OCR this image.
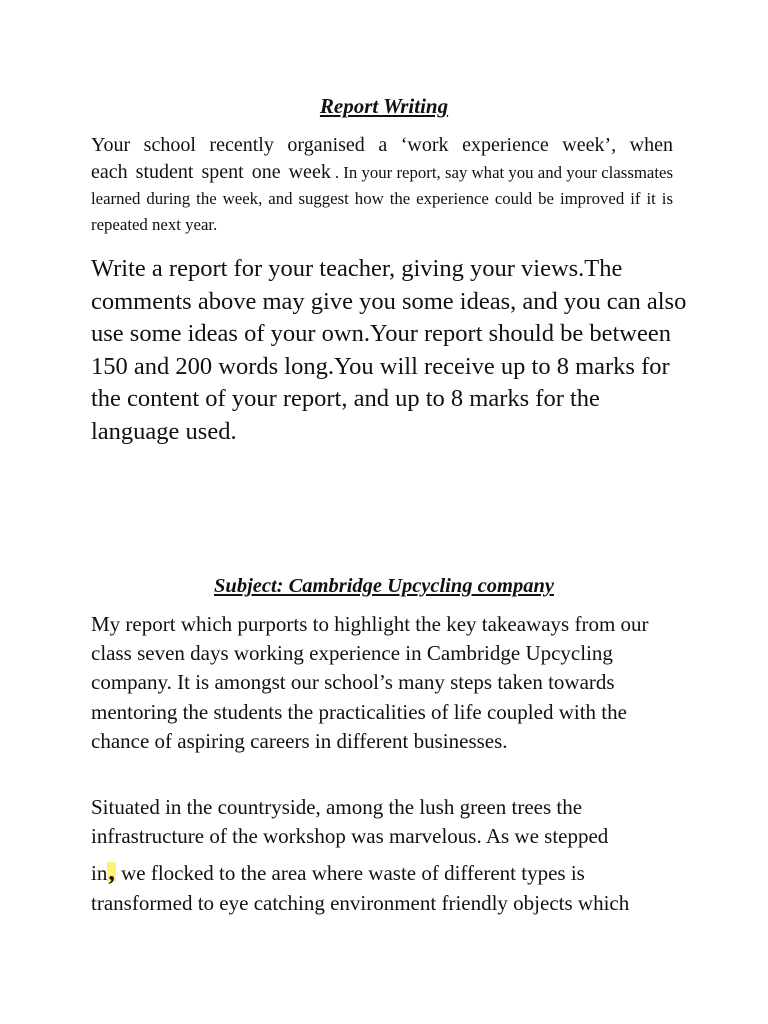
Report Writing
Your school recently organised a ‘work experience week’, when each student spent one week . In your report, say what you and your classmates learned during the week, and suggest how the experience could be improved if it is repeated next year.
Write a report for your teacher, giving your views.The comments above may give you some ideas, and you can also use some ideas of your own.Your report should be between 150 and 200 words long.You will receive up to 8 marks for the content of your report, and up to 8 marks for the language used.
Subject: Cambridge Upcycling company
My report which purports to highlight the key takeaways from our class seven days working experience in Cambridge Upcycling company. It is amongst our school’s many steps taken towards mentoring the students the practicalities of life coupled with the chance of aspiring careers in different businesses.
Situated in the countryside, among the lush green trees the
infrastructure of the workshop was marvelous. As we stepped
in, we flocked to the area where waste of different types is
transformed to eye catching environment friendly objects which
